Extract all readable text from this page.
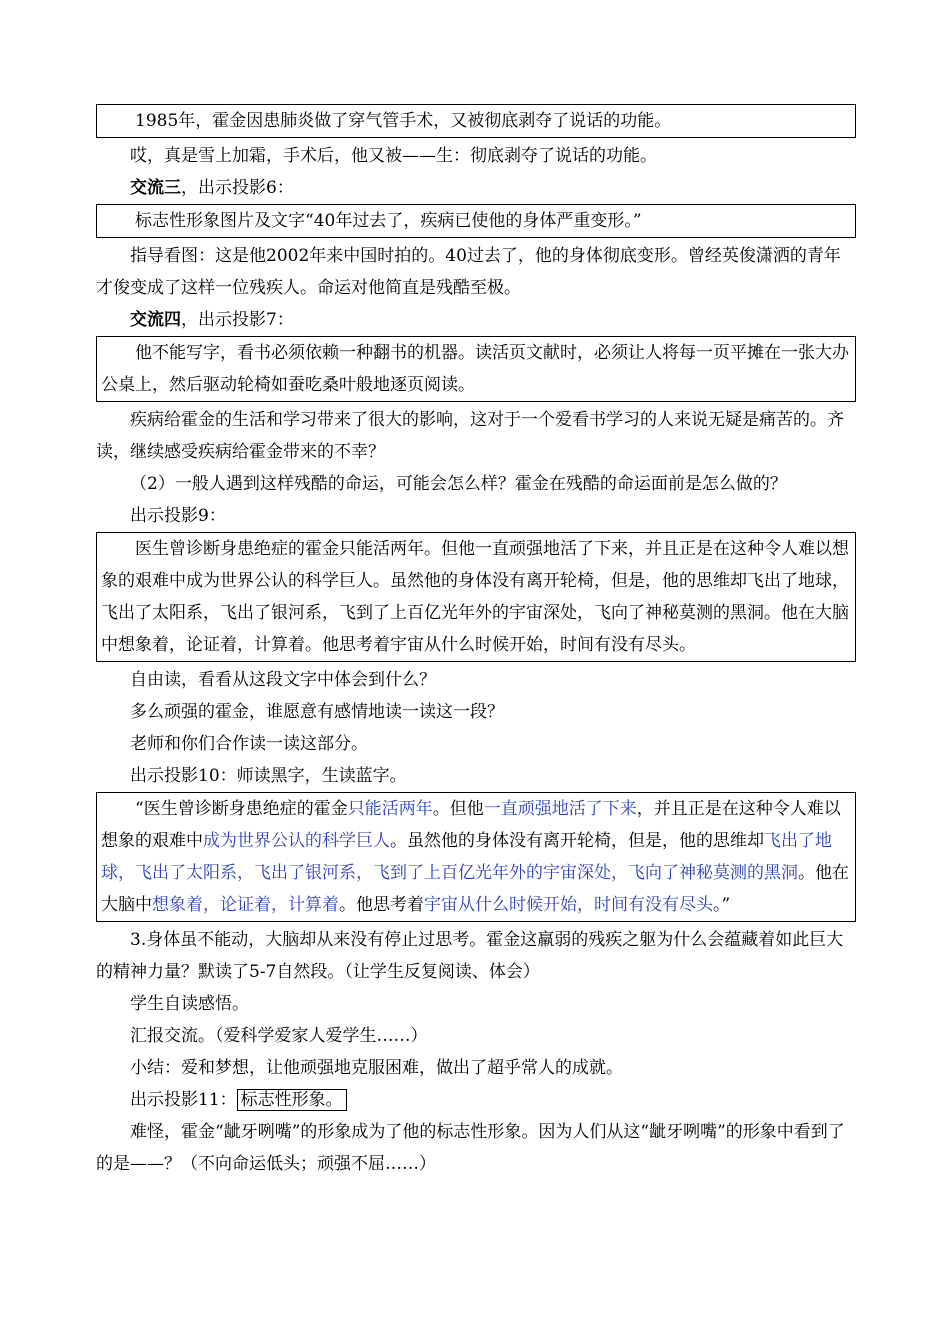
1985年，霍金因患肺炎做了穿气管手术，又被彻底剥夺了说话的功能。

哎，真是雪上加霜，手术后，他又被——生：彻底剥夺了说话的功能。

交流三，出示投影6：

标志性形象图片及文字“40年过去了，疾病已使他的身体严重变形。”

指导看图：这是他2002年来中国时拍的。40过去了，他的身体彻底变形。曾经英俊潇洒的青年才俊变成了这样一位残疾人。命运对他简直是残酷至极。

交流四，出示投影7：

他不能写字，看书必须依赖一种翻书的机器。读活页文献时，必须让人将每一页平摊在一张大办公桌上，然后驱动轮椅如蚕吃桑叶般地逐页阅读。

疾病给霍金的生活和学习带来了很大的影响，这对于一个爱看书学习的人来说无疑是痛苦的。齐读，继续感受疾病给霍金带来的不幸？

（2）一般人遇到这样残酷的命运，可能会怎么样？霍金在残酷的命运面前是怎么做的？

出示投影9：

医生曾诊断身患绝症的霍金只能活两年。但他一直顽强地活了下来，并且正是在这种令人难以想象的艰难中成为世界公认的科学巨人。虽然他的身体没有离开轮椅，但是，他的思维却飞出了地球，飞出了太阳系，飞出了银河系，飞到了上百亿光年外的宇宙深处，飞向了神秘莫测的黑洞。他在大脑中想象着，论证着，计算着。他思考着宇宙从什么时候开始，时间有没有尽头。

自由读，看看从这段文字中体会到什么？

多么顽强的霍金，谁愿意有感情地读一读这一段？

老师和你们合作读一读这部分。

出示投影10：师读黑字，生读蓝字。

“医生曾诊断身患绝症的霍金只能活两年。但他一直顽强地活了下来，并且正是在这种令人难以想象的艰难中成为世界公认的科学巨人。虽然他的身体没有离开轮椅，但是，他的思维却飞出了地球，飞出了太阳系，飞出了银河系，飞到了上百亿光年外的宇宙深处，飞向了神秘莫测的黑洞。他在大脑中想象着，论证着，计算着。他思考着宇宙从什么时候开始，时间有没有尽头。”

3.身体虽不能动，大脑却从来没有停止过思考。霍金这羸弱的残疾之躯为什么会蕴藏着如此巨大的精神力量？默读了5-7自然段。（让学生反复阅读、体会）

学生自读感悟。

汇报交流。（爱科学爱家人爱学生……）

小结：爱和梦想，让他顽强地克服困难，做出了超乎常人的成就。

出示投影11： 标志性形象。

难怪，霍金“龇牙咧嘴”的形象成为了他的标志性形象。因为人们从这“龇牙咧嘴”的形象中看到了的是——？（不向命运低头；顽强不屈……）
